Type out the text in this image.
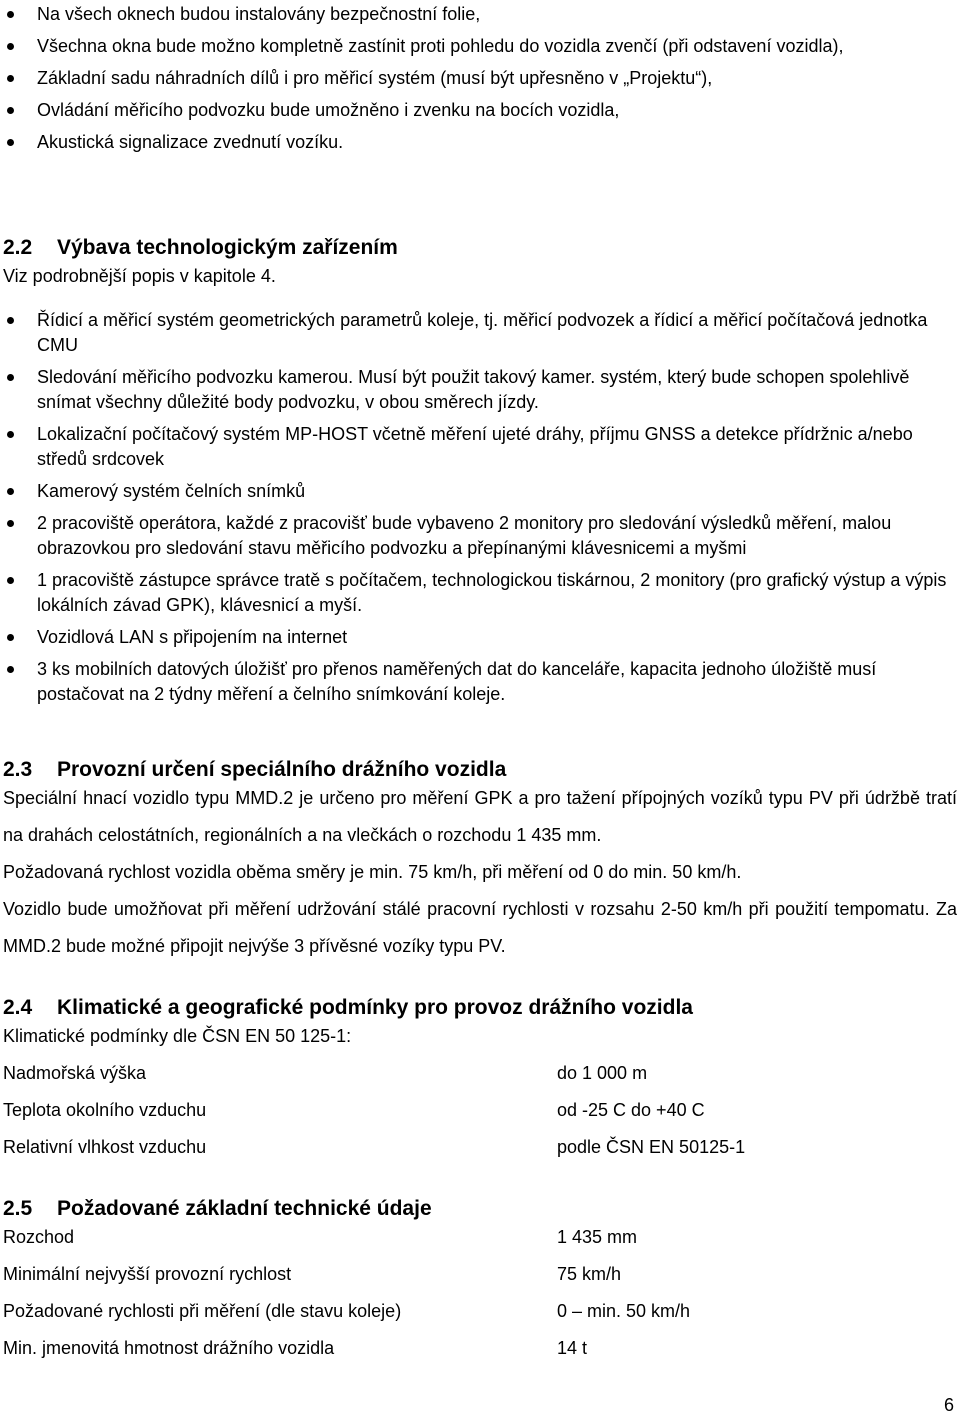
Na všech oknech budou instalovány bezpečnostní folie,
Všechna okna bude možno kompletně zastínit proti pohledu do vozidla zvenčí (při odstavení vozidla),
Základní sadu náhradních dílů i pro měřicí systém (musí být upřesněno v „Projektu“),
Ovládání měřicího podvozku bude umožněno i zvenku na bocích vozidla,
Akustická signalizace zvednutí vozíku.
2.2 Výbava technologickým zařízením
Viz podrobnější popis v kapitole 4.
Řídicí a měřicí systém geometrických parametrů koleje, tj. měřicí podvozek a řídicí a měřicí počítačová jednotka CMU
Sledování měřicího podvozku kamerou. Musí být použit takový kamer. systém, který bude schopen spolehlivě snímat všechny důležité body podvozku, v obou směrech jízdy.
Lokalizační počítačový systém MP-HOST včetně měření ujeté dráhy, příjmu GNSS a detekce přídržnic a/nebo středů srdcovek
Kamerový systém čelních snímků
2 pracoviště operátora, každé z pracovišť bude vybaveno 2 monitory pro sledování výsledků měření, malou obrazovkou pro sledování stavu měřicího podvozku a přepínanými klávesnicemi a myšmi
1 pracoviště zástupce správce tratě s počítačem, technologickou tiskárnou, 2 monitory (pro grafický výstup a výpis lokálních závad GPK), klávesnicí a myší.
Vozidlová LAN s připojením na internet
3 ks mobilních datových úložišť pro přenos naměřených dat do kanceláře, kapacita jednoho úložiště musí postačovat na 2 týdny měření a čelního snímkování koleje.
2.3 Provozní určení speciálního drážního vozidla

Speciální hnací vozidlo typu MMD.2 je určeno pro měření GPK a pro tažení přípojných vozíků typu PV při údržbě tratí na drahách celostátních, regionálních a na vlečkách o rozchodu 1 435 mm.

Požadovaná rychlost vozidla oběma směry je min. 75 km/h, při měření od 0 do min. 50 km/h.

Vozidlo bude umožňovat při měření udržování stálé pracovní rychlosti v rozsahu 2-50 km/h při použití tempomatu. Za MMD.2 bude možné připojit nejvýše 3 přívěsné vozíky typu PV.

2.4 Klimatické a geografické podmínky pro provoz drážního vozidla
Klimatické podmínky dle ČSN EN 50 125-1:
Nadmořská výška	do 1 000 m
Teplota okolního vzduchu	od -25 C do +40 C
Relativní vlhkost vzduchu	podle ČSN EN 50125-1
2.5 Požadované základní technické údaje
Rozchod	1 435 mm
Minimální nejvyšší provozní rychlost	75 km/h
Požadované rychlosti při měření (dle stavu koleje)	0 – min. 50 km/h
Min. jmenovitá hmotnost drážního vozidla	14 t
6
